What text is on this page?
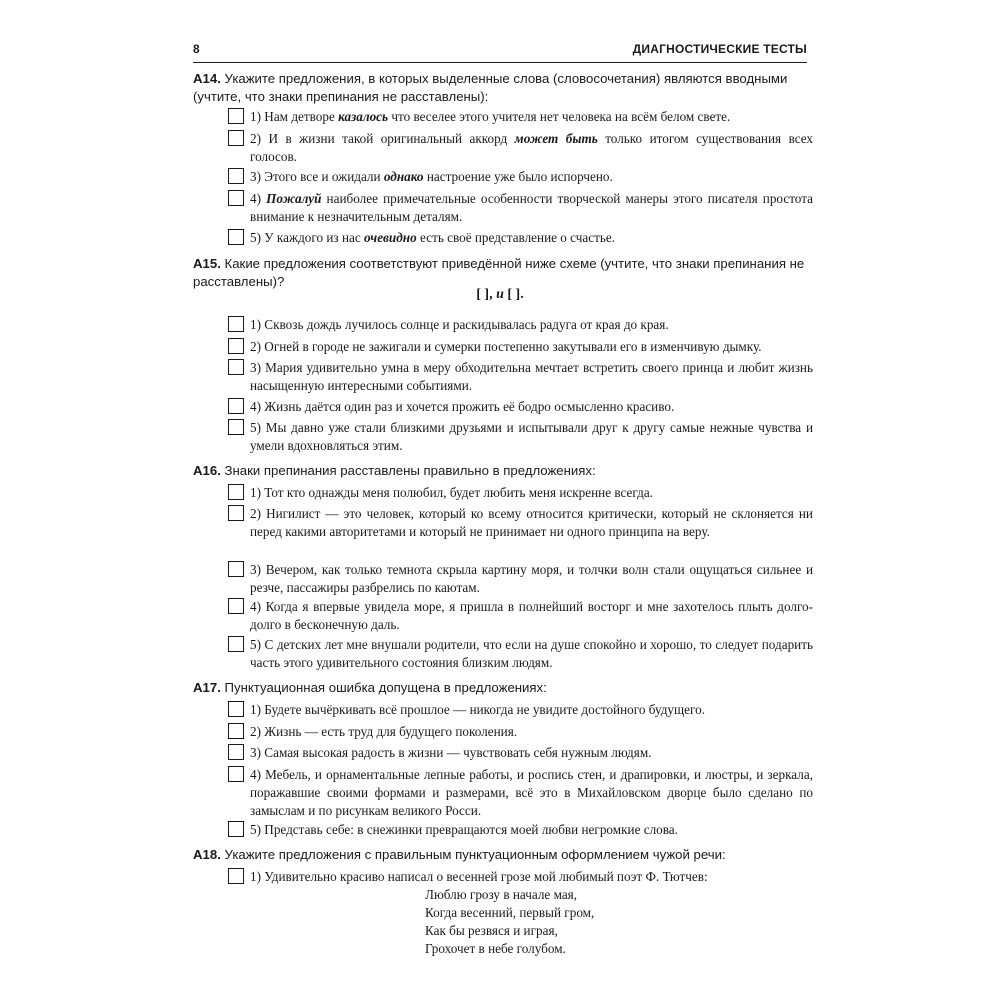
8	ДИАГНОСТИЧЕСКИЕ ТЕСТЫ
A14. Укажите предложения, в которых выделенные слова (словосочетания) являются вводными (учтите, что знаки препинания не расставлены):
1) Нам детворе казалось что веселее этого учителя нет человека на всём белом свете.
2) И в жизни такой оригинальный аккорд может быть только итогом существования всех голосов.
3) Этого все и ожидали однако настроение уже было испорчено.
4) Пожалуй наиболее примечательные особенности творческой манеры этого писателя простота внимание к незначительным деталям.
5) У каждого из нас очевидно есть своё представление о счастье.
A15. Какие предложения соответствуют приведённой ниже схеме (учтите, что знаки препинания не расставлены)?
[ ], и [ ].
1) Сквозь дождь лучилось солнце и раскидывалась радуга от края до края.
2) Огней в городе не зажигали и сумерки постепенно закутывали его в изменчивую дымку.
3) Мария удивительно умна в меру обходительна мечтает встретить своего принца и любит жизнь насыщенную интересными событиями.
4) Жизнь даётся один раз и хочется прожить её бодро осмысленно красиво.
5) Мы давно уже стали близкими друзьями и испытывали друг к другу самые нежные чувства и умели вдохновляться этим.
A16. Знаки препинания расставлены правильно в предложениях:
1) Тот кто однажды меня полюбил, будет любить меня искренне всегда.
2) Нигилист — это человек, который ко всему относится критически, который не склоняется ни перед какими авторитетами и который не принимает ни одного принципа на веру.
3) Вечером, как только темнота скрыла картину моря, и толчки волн стали ощущаться сильнее и резче, пассажиры разбрелись по каютам.
4) Когда я впервые увидела море, я пришла в полнейший восторг и мне захотелось плыть долго-долго в бесконечную даль.
5) С детских лет мне внушали родители, что если на душе спокойно и хорошо, то следует подарить часть этого удивительного состояния близким людям.
A17. Пунктуационная ошибка допущена в предложениях:
1) Будете вычёркивать всё прошлое — никогда не увидите достойного будущего.
2) Жизнь — есть труд для будущего поколения.
3) Самая высокая радость в жизни — чувствовать себя нужным людям.
4) Мебель, и орнаментальные лепные работы, и роспись стен, и драпировки, и люстры, и зеркала, поражавшие своими формами и размерами, всё это в Михайловском дворце было сделано по замыслам и по рисункам великого Росси.
5) Представь себе: в снежинки превращаются моей любви негромкие слова.
A18. Укажите предложения с правильным пунктуационным оформлением чужой речи:
1) Удивительно красиво написал о весенней грозе мой любимый поэт Ф. Тютчев:
Люблю грозу в начале мая,
Когда весенний, первый гром,
Как бы резвяся и играя,
Грохочет в небе голубом.
